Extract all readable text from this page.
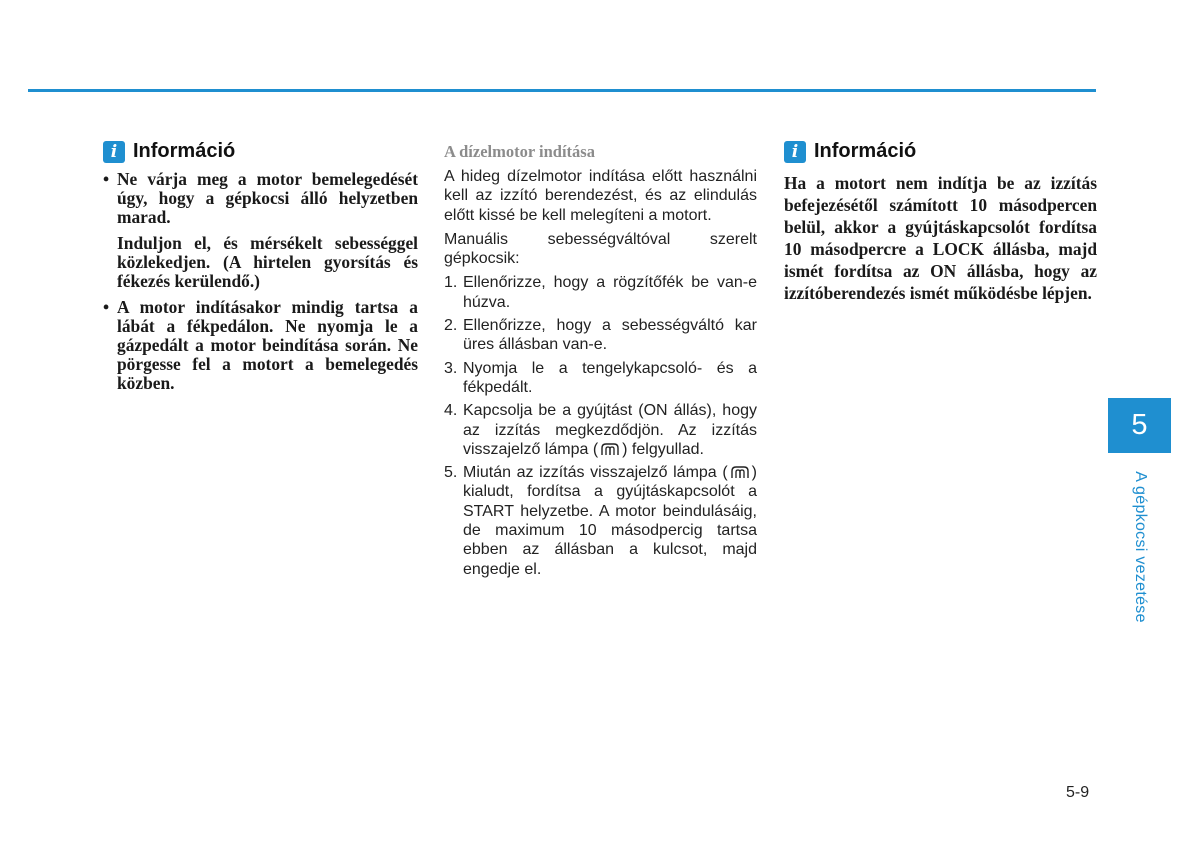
i Információ

• Ne várja meg a motor bemelegedését úgy, hogy a gépkocsi álló helyzetben marad.

Induljon el, és mérsékelt sebességgel közlekedjen. (A hirtelen gyorsítás és fékezés kerülendő.)

• A motor indításakor mindig tartsa a lábát a fékpedálon. Ne nyomja le a gázpedált a motor beindítása során. Ne pörgesse fel a motort a bemelegedés közben.

A dízelmotor indítása

A hideg dízelmotor indítása előtt használni kell az izzító berendezést, és az elindulás előtt kissé be kell melegíteni a motort.

Manuális sebességváltóval szerelt gépkocsik:

1. Ellenőrizze, hogy a rögzítőfék be van-e húzva.
2. Ellenőrizze, hogy a sebességváltó kar üres állásban van-e.
3. Nyomja le a tengelykapcsoló- és a fékpedált.
4. Kapcsolja be a gyújtást (ON állás), hogy az izzítás megkezdődjön. Az izzítás visszajelző lámpa ( ) felgyullad.
5. Miután az izzítás visszajelző lámpa ( ) kialudt, fordítsa a gyújtáskapcsolót a START helyzetbe. A motor beindulásáig, de maximum 10 másodpercig tartsa ebben az állásban a kulcsot, majd engedje el.
i Információ
Ha a motort nem indítja be az izzítás befejezésétől számított 10 másodpercen belül, akkor a gyújtáskapcsolót fordítsa 10 másodpercre a LOCK állásba, majd ismét fordítsa az ON állásba, hogy az izzítóberendezés ismét működésbe lépjen.
5
A gépkocsi vezetése
5-9
